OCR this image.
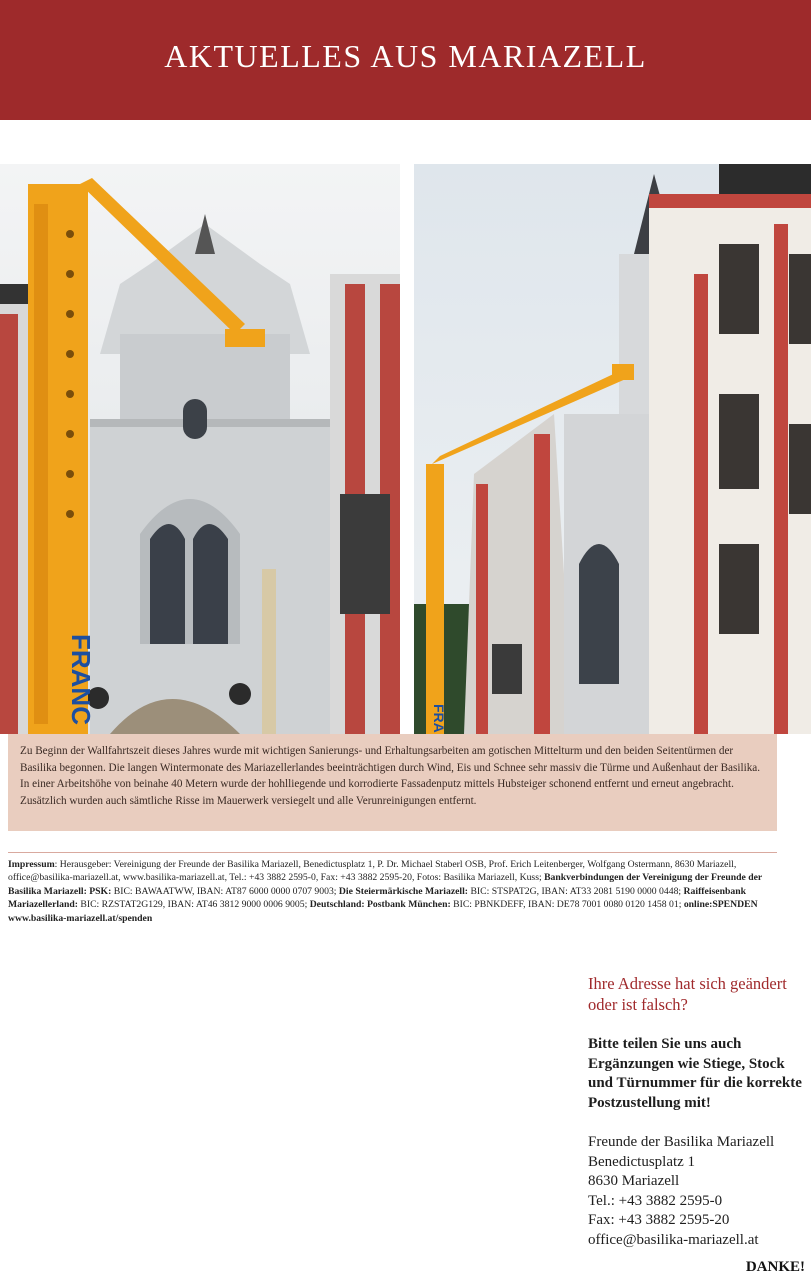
AKTUELLES AUS MARIAZELL
FRANC	FRA
Zu Beginn der Wallfahrtszeit dieses Jahres wurde mit wichtigen Sanierungs- und Erhaltungsarbeiten am gotischen Mittelturm und den beiden Seitentürmen der Basilika begonnen. Die langen Wintermonate des Mariazellerlandes beeinträchtigen durch Wind, Eis und Schnee sehr massiv die Türme und Außenhaut der Basilika. In einer Arbeitshöhe von beinahe 40 Metern wurde der hohlliegende und korrodierte Fassadenputz mittels Hubsteiger schonend entfernt und erneut angebracht. Zusätzlich wurden auch sämtliche Risse im Mauerwerk versiegelt und alle Verunreinigungen entfernt.
Impressum: Herausgeber: Vereinigung der Freunde der Basilika Mariazell, Benedictusplatz 1, P. Dr. Michael Staberl OSB, Prof. Erich Leitenberger, Wolfgang Ostermann, 8630 Mariazell, office@basilika-mariazell.at, www.basilika-mariazell.at, Tel.: +43 3882 2595-0, Fax: +43 3882 2595-20, Fotos: Basilika Mariazell, Kuss; Bankverbindungen der Vereinigung der Freunde der Basilika Mariazell: PSK: BIC: BAWAATWW, IBAN: AT87 6000 0000 0707 9003; Die Steiermärkische Mariazell: BIC: STSPAT2G, IBAN: AT33 2081 5190 0000 0448; Raiffeisenbank Mariazellerland: BIC: RZSTAT2G129, IBAN: AT46 3812 9000 0006 9005; Deutschland: Postbank München: BIC: PBNKDEFF, IBAN: DE78 7001 0080 0120 1458 01; online:SPENDEN www.basilika-mariazell.at/spenden

Ihre Adresse hat sich geändert oder ist falsch?

Bitte teilen Sie uns auch Ergänzungen wie Stiege, Stock und Türnummer für die korrekte Postzustellung mit!

Freunde der Basilika Mariazell
Benedictusplatz 1
8630 Mariazell
Tel.: +43 3882 2595-0
Fax: +43 3882 2595-20
office@basilika-mariazell.at
DANKE!
